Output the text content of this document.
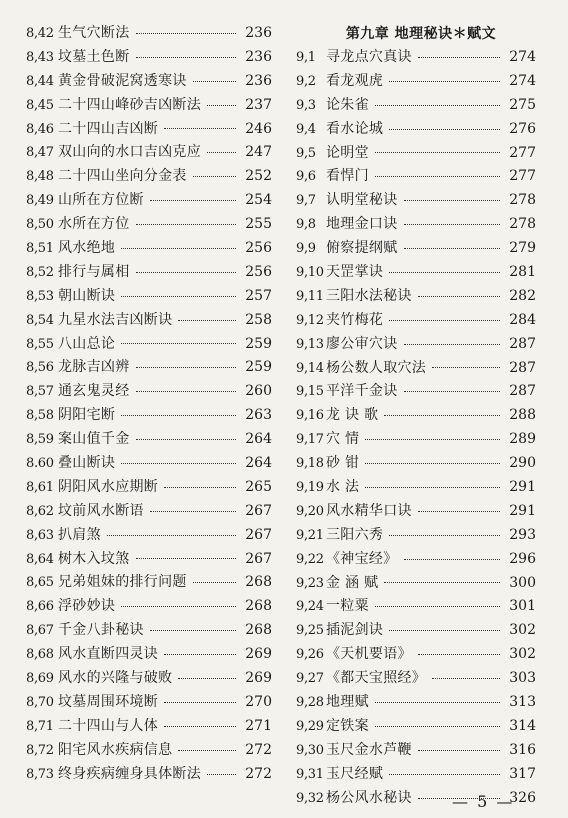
8,42 生气穴断法	236
8,43 坟墓土色断	236
8,44 黄金骨破泥窝透寒诀	236
8,45 二十四山峰砂吉凶断法	237
8,46 二十四山吉凶断	246
8,47 双山向的水口吉凶克应	247
8,48 二十四山坐向分金表	252
8,49 山所在方位断	254
8,50 水所在方位	255
8,51 风水绝地	256
8,52 排行与属相	256
8,53 朝山断诀	257
8,54 九星水法吉凶断诀	258
8,55 八山总论	259
8,56 龙脉吉凶辨	259
8,57 通玄鬼灵经	260
8,58 阴阳宅断	263
8,59 案山值千金	264
8.60 叠山断诀	264
8,61 阴阳风水应期断	265
8,62 坟前风水断语	267
8,63 扒肩煞	267
8,64 树木入坟煞	267
8,65 兄弟姐妹的排行问题	268
8,66 浮砂妙诀	268
8,67 千金八卦秘诀	268
8,68 风水直断四灵诀	269
8,69 风水的兴隆与破败	269
8,70 坟墓周围环境断	270
8,71 二十四山与人体	271
8,72 阳宅风水疾病信息	272
8,73 终身疾病缠身具体断法	272
第九章 地理秘诀＊赋文
9,1 寻龙点穴真诀	274
9,2 看龙观虎	274
9,3 论朱雀	275
9,4 看水论城	276
9,5 论明堂	277
9,6 看悍门	277
9,7 认明堂秘诀	278
9,8 地理金口诀	278
9,9 俯察提纲赋	279
9,10 天罡掌诀	281
9,11 三阳水法秘诀	282
9,12 夹竹梅花	284
9,13 廖公审穴诀	287
9,14 杨公数人取穴法	287
9,15 平洋千金诀	287
9,16 龙 诀 歌	288
9,17 穴 情	289
9,18 砂 钳	290
9,19 水 法	291
9,20 风水精华口诀	291
9,21 三阳六秀	293
9,22 《神宝经》	296
9,23 金 涵 赋	300
9,24 一粒粟	301
9,25 插泥剑诀	302
9,26 《天机要语》	302
9,27 《都天宝照经》	303
9,28 地理赋	313
9,29 定铁案	314
9,30 玉尺金水芦鞭	316
9,31 玉尺经赋	317
9,32 杨公风水秘诀	326
— 5 —
